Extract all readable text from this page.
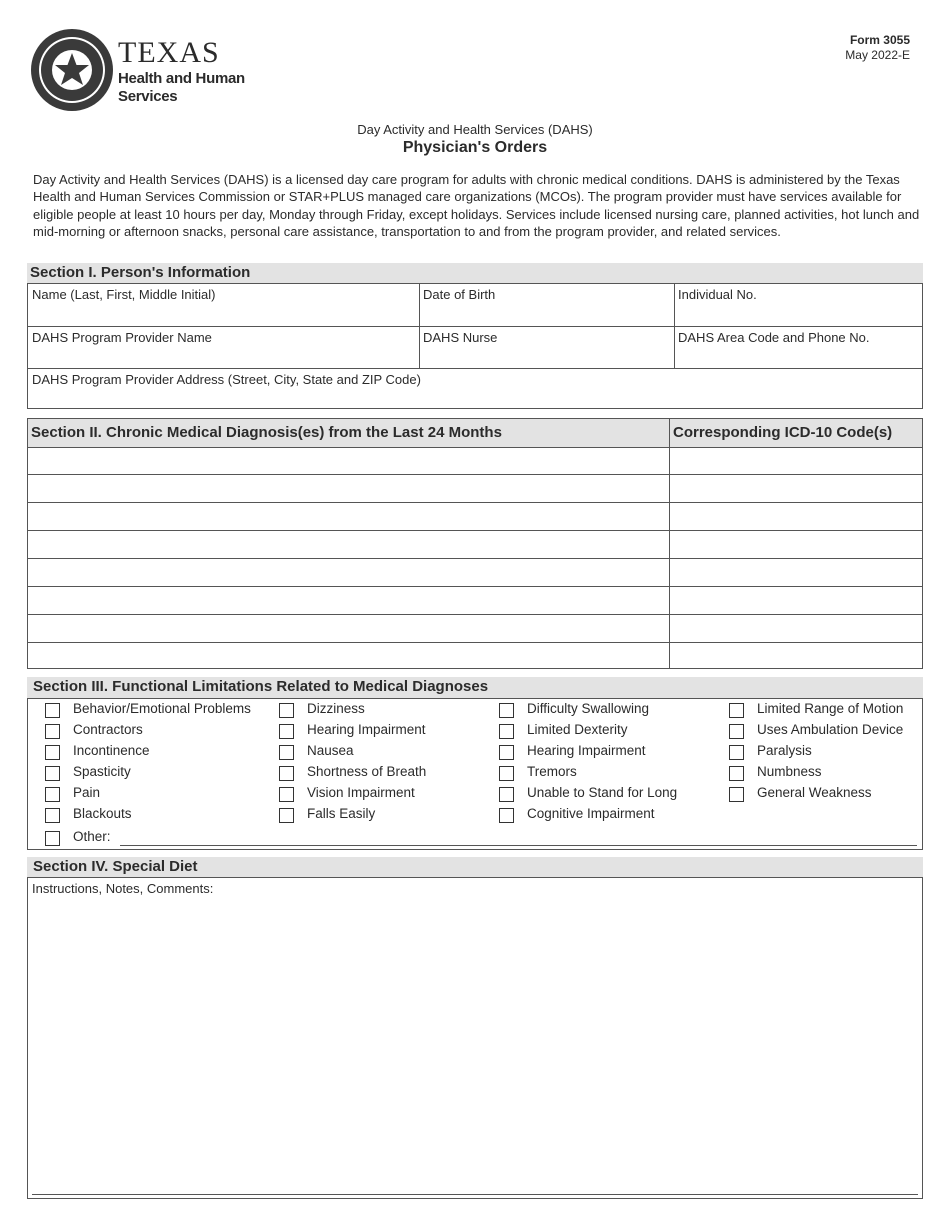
TEXAS
Health and Human
Services
Form 3055
May 2022-E
Day Activity and Health Services (DAHS)
Physician's Orders
Day Activity and Health Services (DAHS) is a licensed day care program for adults with chronic medical conditions. DAHS is administered by the Texas Health and Human Services Commission or STAR+PLUS managed care organizations (MCOs). The program provider must have services available for eligible people at least 10 hours per day, Monday through Friday, except holidays. Services include licensed nursing care, planned activities, hot lunch and mid-morning or afternoon snacks, personal care assistance, transportation to and from the program provider, and related services.
Section I. Person's Information
Name (Last, First, Middle Initial)	Date of Birth	Individual No.
DAHS Program Provider Name	DAHS Nurse	DAHS Area Code and Phone No.
DAHS Program Provider Address (Street, City, State and ZIP Code)
Section II. Chronic Medical Diagnosis(es) from the Last 24 Months	Corresponding ICD-10 Code(s)
Section III. Functional Limitations Related to Medical Diagnoses
Behavior/Emotional Problems
Contractors
Incontinence
Spasticity
Pain
Blackouts
Other:
Dizziness
Hearing Impairment
Nausea
Shortness of Breath
Vision Impairment
Falls Easily
Difficulty Swallowing
Limited Dexterity
Hearing Impairment
Tremors
Unable to Stand for Long
Cognitive Impairment
Limited Range of Motion
Uses Ambulation Device
Paralysis
Numbness
General Weakness
Section IV. Special Diet
Instructions, Notes, Comments:
